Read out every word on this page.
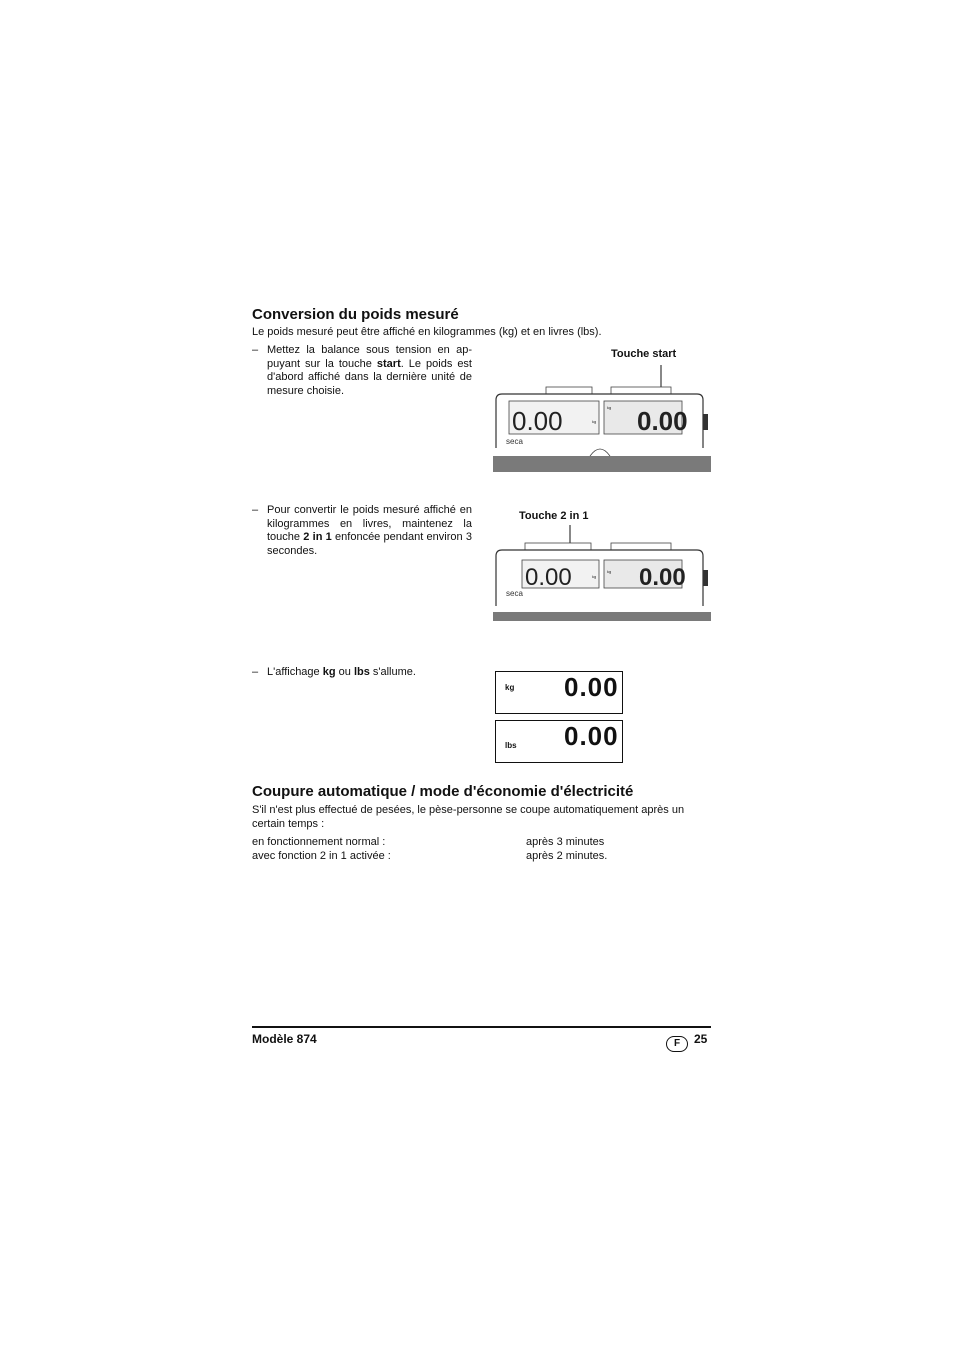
Conversion du poids mesuré
Le poids mesuré peut être affiché en kilogrammes (kg) et en livres (lbs).
– Mettez la balance sous tension en ap- puyant sur la touche start. Le poids est d'abord affiché dans la dernière unité de mesure choisie.
Touche start
0.00	0.00
kg
kg
seca
– Pour convertir le poids mesuré affiché en kilogrammes en livres, maintenez la touche 2 in 1 enfoncée pendant environ 3 secondes.
Touche 2 in 1
0.00	0.00
kg
kg
seca
– L'affichage kg ou lbs s'allume.
kg 0.00
lbs 0.00
Coupure automatique / mode d'économie d'électricité
S'il n'est plus effectué de pesées, le pèse-personne se coupe automatiquement après un certain temps :
en fonctionnement normal :	après 3 minutes
avec fonction 2 in 1 activée :	après 2 minutes.
Modèle 874	F	25
